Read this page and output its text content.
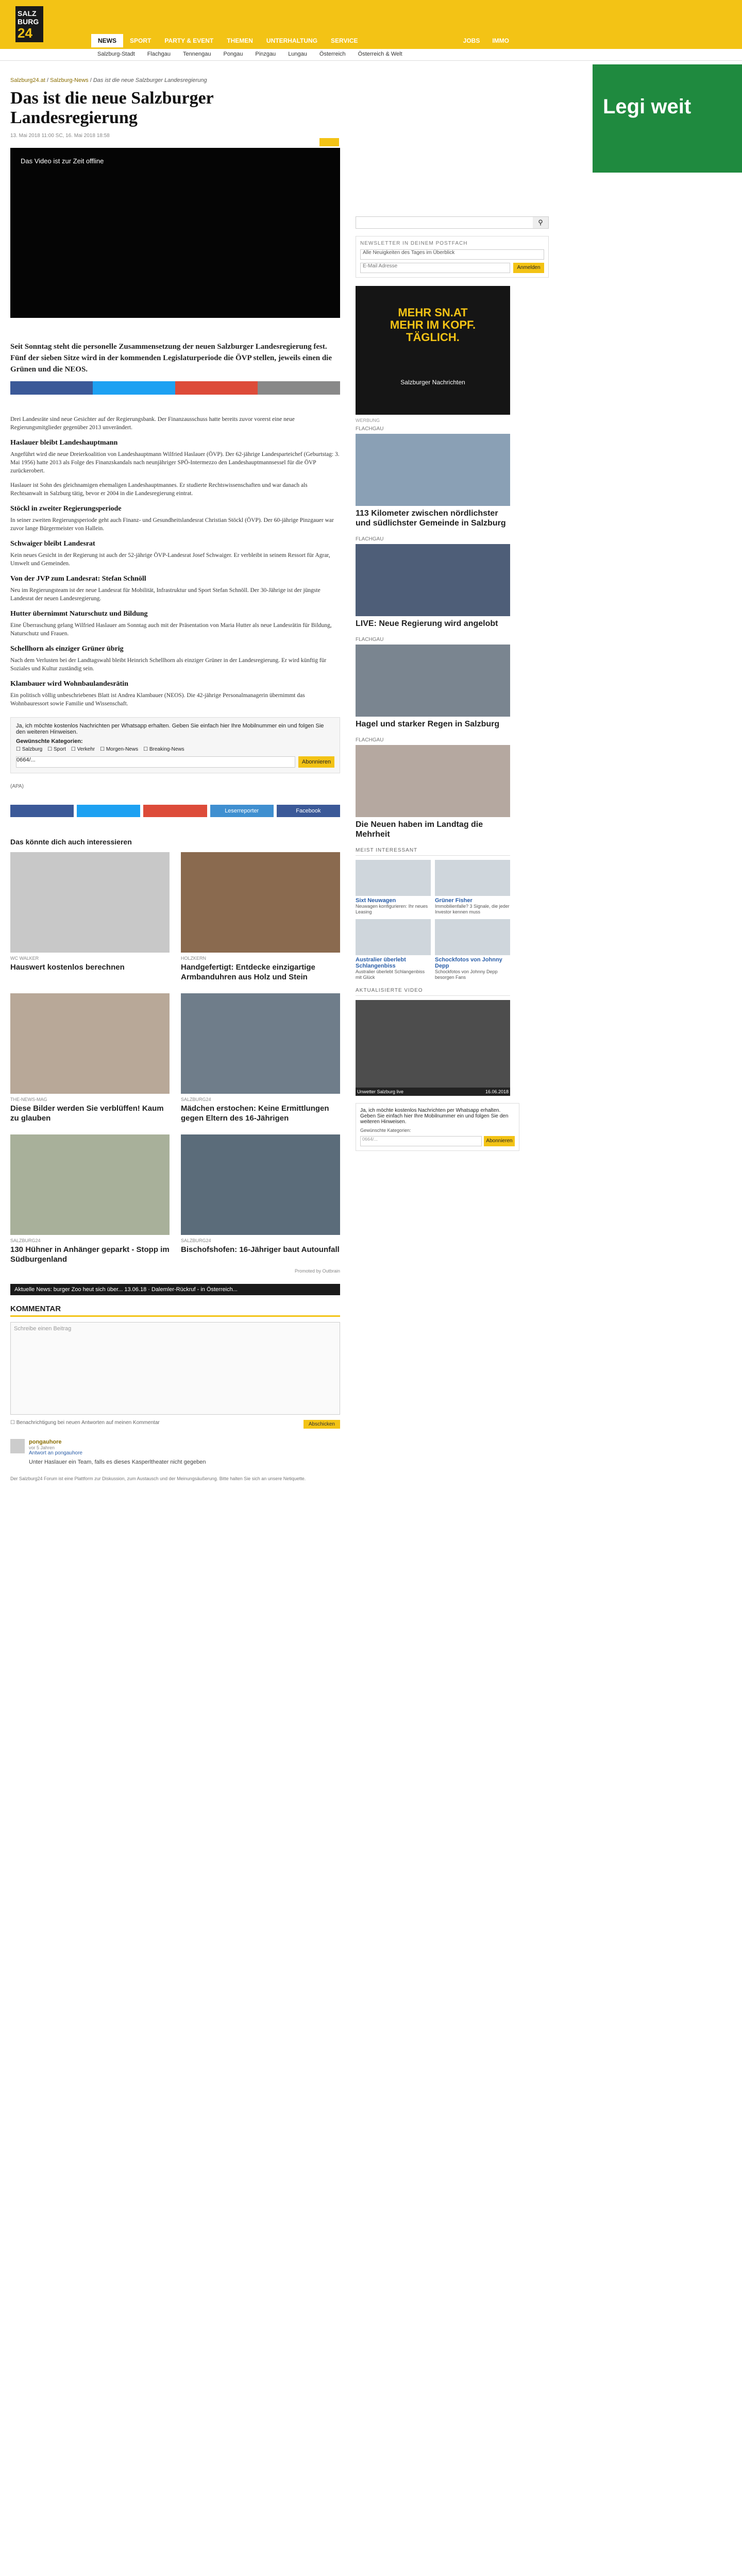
SALZ BURG
24	NEWS	SPORT	PARTY & EVENT	THEMEN	UNTERHALTUNG	SERVICE	JOBS	IMMO
Salzburg-Stadt	Flachgau	Tennengau	Pongau	Pinzgau	Lungau	Österreich	Österreich & Welt
Legi weit
Salzburg24.at / Salzburg-News / Das ist die neue Salzburger Landesregierung
Das ist die neue Salzburger Landesregierung
13. Mai 2018 11:00 SC, 16. Mai 2018 18:58
Das Video ist zur Zeit offline

Seit Sonntag steht die personelle Zusammensetzung der neuen Salzburger Landesregierung fest. Fünf der sieben Sitze wird in der kommenden Legislaturperiode die ÖVP stellen, jeweils einen die Grünen und die NEOS.

Drei Landesräte sind neue Gesichter auf der Regierungsbank. Der Finanzausschuss hatte bereits zuvor vorerst eine neue Regierungsmitglieder gegenüber 2013 unverändert.

Haslauer bleibt Landeshauptmann

Angeführt wird die neue Dreierkoalition von Landeshauptmann Wilfried Haslauer (ÖVP). Der 62-jährige Landesparteichef (Geburtstag: 3. Mai 1956) hatte 2013 als Folge des Finanzskandals nach neunjähriger SPÖ-Intermezzo den Landeshauptmannsessel für die ÖVP zurückerobert.

Haslauer ist Sohn des gleichnamigen ehemaligen Landeshauptmannes. Er studierte Rechtswissenschaften und war danach als Rechtsanwalt in Salzburg tätig, bevor er 2004 in die Landesregierung eintrat.

Stöckl in zweiter Regierungsperiode

In seiner zweiten Regierungsperiode geht auch Finanz- und Gesundheitslandesrat Christian Stöckl (ÖVP). Der 60-jährige Pinzgauer war zuvor lange Bürgermeister von Hallein.

Schwaiger bleibt Landesrat

Kein neues Gesicht in der Regierung ist auch der 52-jährige ÖVP-Landesrat Josef Schwaiger. Er verbleibt in seinem Ressort für Agrar, Umwelt und Gemeinden.

Von der JVP zum Landesrat: Stefan Schnöll

Neu im Regierungsteam ist der neue Landesrat für Mobilität, Infrastruktur und Sport Stefan Schnöll. Der 30-Jährige ist der jüngste Landesrat der neuen Landesregierung.

Hutter übernimmt Naturschutz und Bildung

Eine Überraschung gelang Wilfried Haslauer am Sonntag auch mit der Präsentation von Maria Hutter als neue Landesrätin für Bildung, Naturschutz und Frauen.

Schellhorn als einziger Grüner übrig

Nach dem Verlusten bei der Landtagswahl bleibt Heinrich Schellhorn als einziger Grüner in der Landesregierung. Er wird künftig für Soziales und Kultur zuständig sein.

Klambauer wird Wohnbaulandesrätin

Ein politisch völlig unbeschriebenes Blatt ist Andrea Klambauer (NEOS). Die 42-jährige Personalmanagerin übernimmt das Wohnbauressort sowie Familie und Wissenschaft.

Ja, ich möchte kostenlos Nachrichten per Whatsapp erhalten. Geben Sie einfach hier Ihre Mobilnummer ein und folgen Sie den weiteren Hinweisen.
Gewünschte Kategorien:
☐ Salzburg ☐ Sport ☐ Verkehr ☐ Morgen-News ☐ Breaking-News
0664/...	Abonnieren
(APA)
Leserreporter	Facebook
Das könnte dich auch interessieren
WC WALKER
Hauswert kostenlos berechnen
HOLZKERN
Handgefertigt: Entdecke einzigartige Armbanduhren aus Holz und Stein
THE-NEWS-MAG
Diese Bilder werden Sie verblüffen! Kaum zu glauben
SALZBURG24
Mädchen erstochen: Keine Ermittlungen gegen Eltern des 16-Jährigen
SALZBURG24
130 Hühner in Anhänger geparkt - Stopp im Südburgenland
SALZBURG24
Bischofshofen: 16-Jähriger baut Autounfall
Promoted by Outbrain
Aktuelle News: burger Zoo heut sich über... 13.06.18 · Dalemler-Rückruf - in Österreich...
KOMMENTAR
Schreibe einen Beitrag
☐ Benachrichtigung bei neuen Antworten auf meinen Kommentar	Abschicken
pongauhore
vor 5 Jahren
Antwort an pongauhore
Unter Haslauer ein Team, falls es dieses Kasperltheater nicht gegeben
Der Salzburg24 Forum ist eine Plattform zur Diskussion, zum Austausch und der Meinungsäußerung. Bitte halten Sie sich an unsere Netiquette.
⚲
NEWSLETTER IN DEINEM POSTFACH
Alle Neuigkeiten des Tages im Überblick
E-Mail Adresse	Anmelden
MEHR SN.AT MEHR IM KOPF. TÄGLICH.
Salzburger Nachrichten
WERBUNG
FLACHGAU
113 Kilometer zwischen nördlichster und südlichster Gemeinde in Salzburg
FLACHGAU
LIVE: Neue Regierung wird angelobt
FLACHGAU
Hagel und starker Regen in Salzburg
FLACHGAU
Die Neuen haben im Landtag die Mehrheit
MEIST INTERESSANT
Sixt Neuwagen
Neuwagen konfigurieren: Ihr neues Leasing
Grüner Fisher
Immobilienfalle? 3 Signale, die jeder Investor kennen muss
Australier überlebt Schlangenbiss
Australier überlebt Schlangenbiss mit Glück
Schockfotos von Johnny Depp
Schockfotos von Johnny Depp besorgen Fans
AKTUALISIERTE VIDEO
Unwetter Salzburg live	16.06.2018
Ja, ich möchte kostenlos Nachrichten per Whatsapp erhalten. Geben Sie einfach hier Ihre Mobilnummer ein und folgen Sie den weiteren Hinweisen.
Gewünschte Kategorien:
0664/...	Abonnieren
